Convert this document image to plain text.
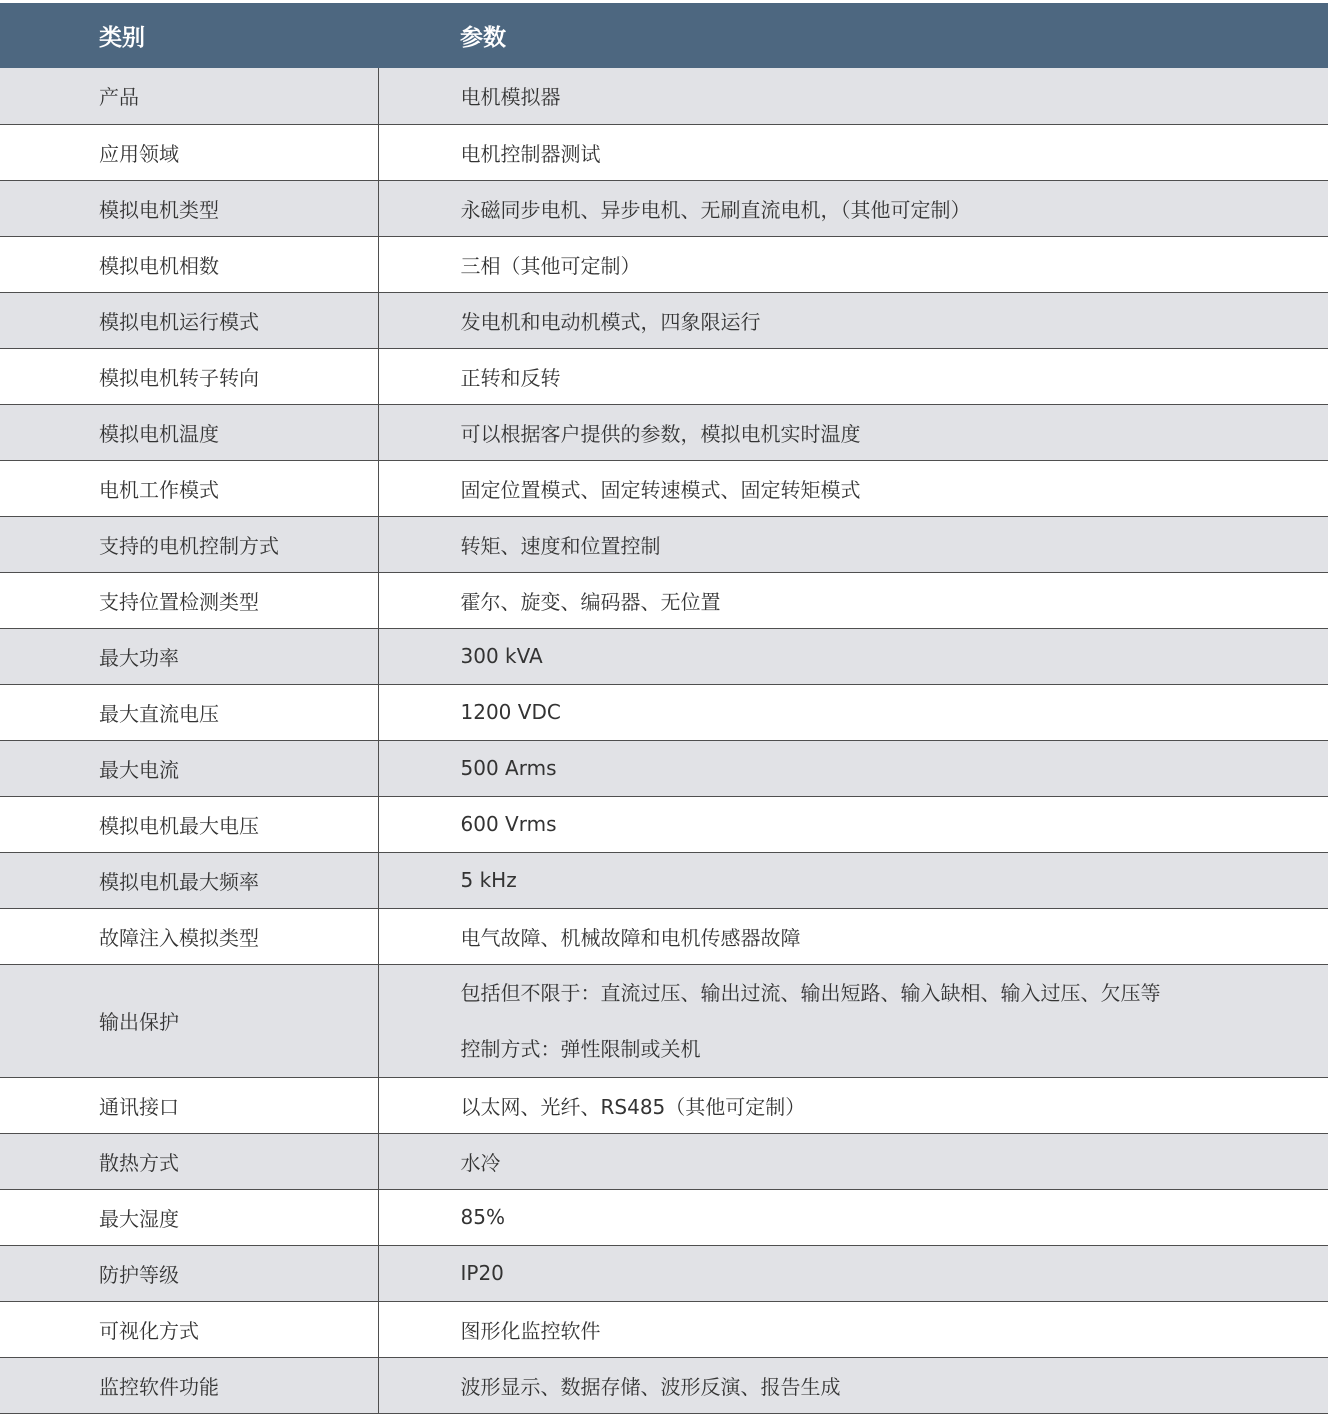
类别	参数
产品	电机模拟器
应用领域	电机控制器测试
模拟电机类型	永磁同步电机、异步电机、无刷直流电机，（其他可定制）
模拟电机相数	三相（其他可定制）
模拟电机运行模式	发电机和电动机模式，四象限运行
模拟电机转子转向	正转和反转
模拟电机温度	可以根据客户提供的参数，模拟电机实时温度
电机工作模式	固定位置模式、固定转速模式、固定转矩模式
支持的电机控制方式	转矩、速度和位置控制
支持位置检测类型	霍尔、旋变、编码器、无位置
最大功率	300 kVA
最大直流电压	1200 VDC
最大电流	500 Arms
模拟电机最大电压	600 Vrms
模拟电机最大频率	5 kHz
故障注入模拟类型	电气故障、机械故障和电机传感器故障
输出保护	包括但不限于：直流过压、输出过流、输出短路、输入缺相、输入过压、欠压等
控制方式：弹性限制或关机

通讯接口	以太网、光纤、RS485（其他可定制）
散热方式	水冷
最大湿度	85%
防护等级	IP20
可视化方式	图形化监控软件
监控软件功能	波形显示、数据存储、波形反演、报告生成
